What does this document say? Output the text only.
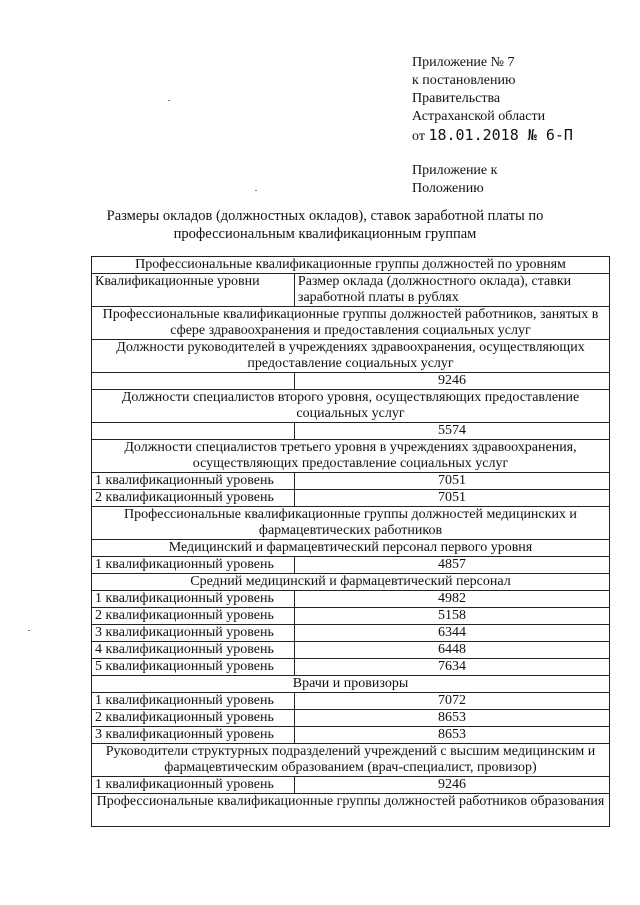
Приложение № 7
к постановлению
Правительства
Астраханской области
от 18.01.2018 № 6-П
Приложение к
Положению
Размеры окладов (должностных окладов), ставок заработной платы по профессиональным квалификационным группам
Профессиональные квалификационные группы должностей по уровням	
Квалификационные уровни	Размер оклада (должностного оклада), ставки заработной платы в рублях
Профессиональные квалификационные группы должностей работников, занятых в сфере здравоохранения и предоставления социальных услуг	
Должности руководителей в учреждениях здравоохранения, осуществляющих предоставление социальных услуг	
	9246
Должности специалистов второго уровня, осуществляющих предоставление социальных услуг	
	5574
Должности специалистов третьего уровня в учреждениях здравоохранения, осуществляющих предоставление социальных услуг	
1 квалификационный уровень	7051
2 квалификационный уровень	7051
Профессиональные квалификационные группы должностей медицинских и фармацевтических работников	
Медицинский и фармацевтический персонал первого уровня	
1 квалификационный уровень	4857
Средний медицинский и фармацевтический персонал	
1 квалификационный уровень	4982
2 квалификационный уровень	5158
3 квалификационный уровень	6344
4 квалификационный уровень	6448
5 квалификационный уровень	7634
Врачи и провизоры	
1 квалификационный уровень	7072
2 квалификационный уровень	8653
3 квалификационный уровень	8653
Руководители структурных подразделений учреждений с высшим медицинским и фармацевтическим образованием (врач-специалист, провизор)	
1 квалификационный уровень	9246
Профессиональные квалификационные группы должностей работников образования	
